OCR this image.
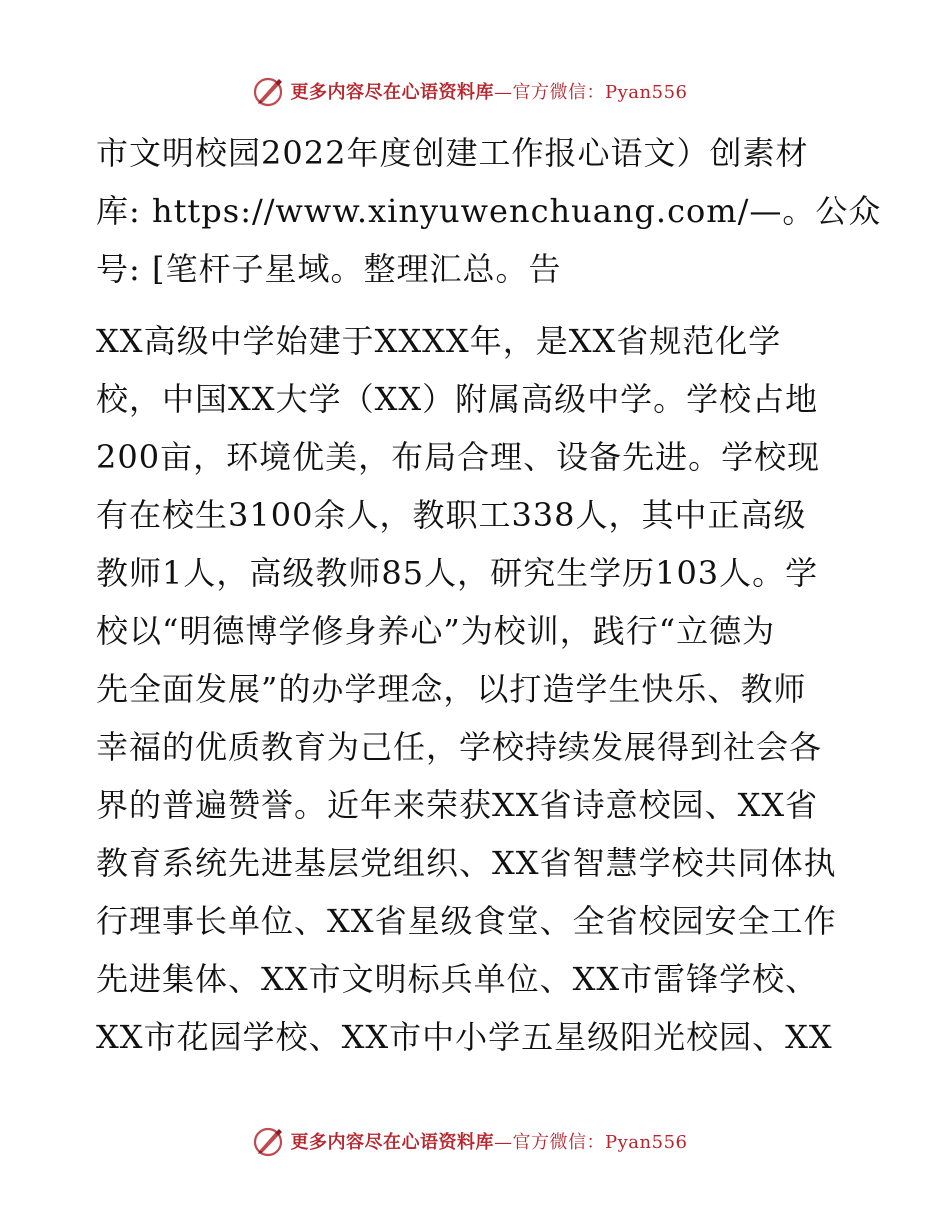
更多内容尽在心语资料库—官方微信：Pyan556
市文明校园2022年度创建工作报心语文）创素材
库: https://www.xinyuwenchuang.com/—。公众
号: [笔杆子星域。整理汇总。告
XX高级中学始建于XXXX年，是XX省规范化学
校，中国XX大学（XX）附属高级中学。学校占地
200亩，环境优美，布局合理、设备先进。学校现
有在校生3100余人，教职工338人，其中正高级
教师1人，高级教师85人，研究生学历103人。学
校以“明德博学修身养心”为校训，践行“立德为
先全面发展”的办学理念，以打造学生快乐、教师
幸福的优质教育为己任，学校持续发展得到社会各
界的普遍赞誉。近年来荣获XX省诗意校园、XX省
教育系统先进基层党组织、XX省智慧学校共同体执
行理事长单位、XX省星级食堂、全省校园安全工作
先进集体、XX市文明标兵单位、XX市雷锋学校、
XX市花园学校、XX市中小学五星级阳光校园、XX
更多内容尽在心语资料库—官方微信：Pyan556
